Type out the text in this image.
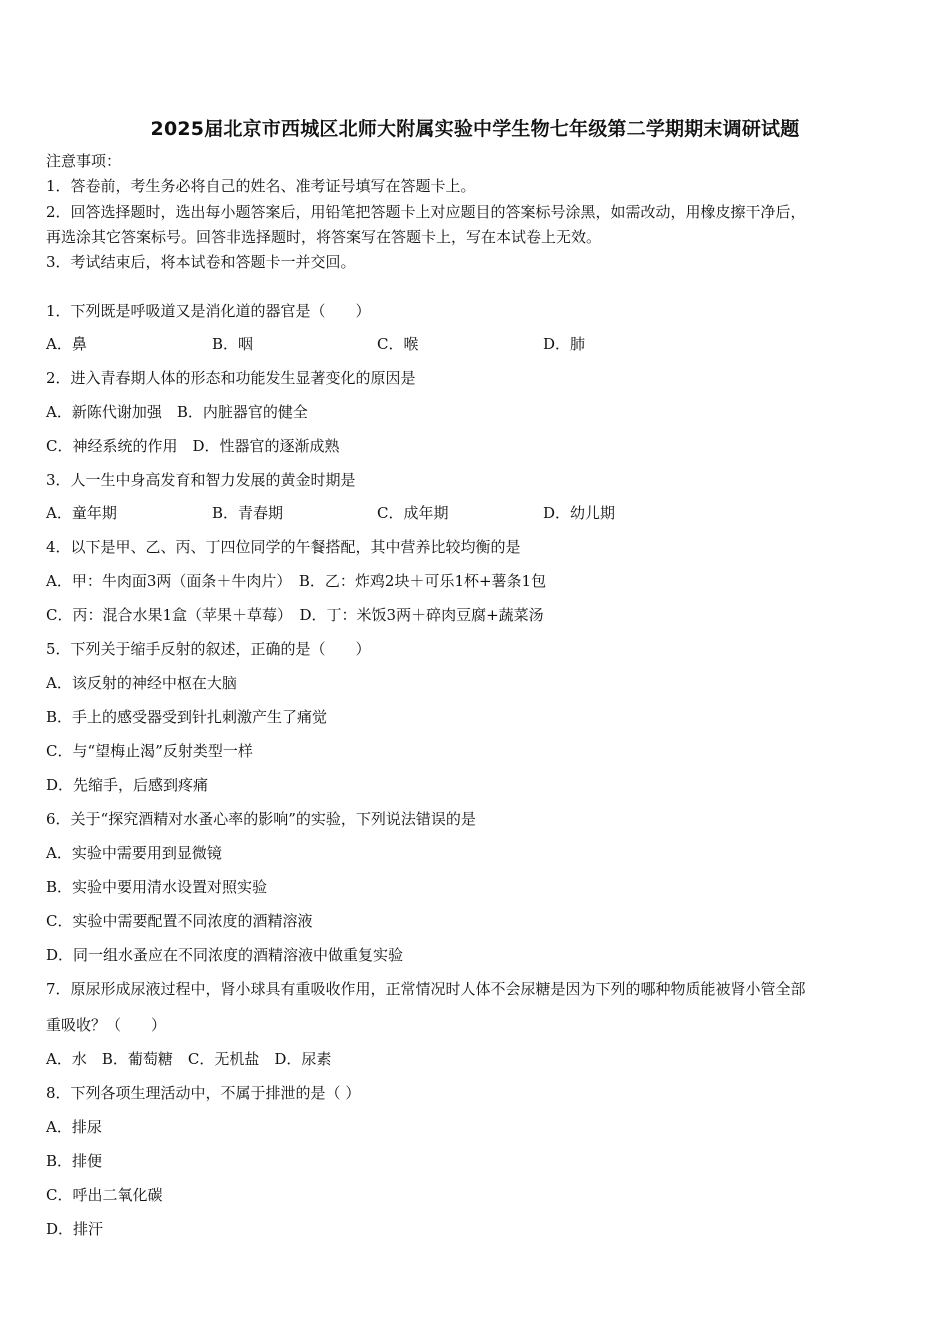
2025届北京市西城区北师大附属实验中学生物七年级第二学期期末调研试题
注意事项：
1．答卷前，考生务必将自己的姓名、准考证号填写在答题卡上。
2．回答选择题时，选出每小题答案后，用铅笔把答题卡上对应题目的答案标号涂黑，如需改动，用橡皮擦干净后，
再选涂其它答案标号。回答非选择题时，将答案写在答题卡上，写在本试卷上无效。
3．考试结束后，将本试卷和答题卡一并交回。
1．下列既是呼吸道又是消化道的器官是（　　）
A．鼻	B．咽	C．喉	D．肺
2．进入青春期人体的形态和功能发生显著变化的原因是
A．新陈代谢加强　B．内脏器官的健全
C．神经系统的作用　D．性器官的逐渐成熟
3．人一生中身高发育和智力发展的黄金时期是
A．童年期	B．青春期	C．成年期	D．幼儿期
4．以下是甲、乙、丙、丁四位同学的午餐搭配，其中营养比较均衡的是
A．甲：牛肉面3两（面条＋牛肉片）　B．乙：炸鸡2块＋可乐1杯+薯条1包
C．丙：混合水果1盒（苹果＋草莓）　D．丁：米饭3两＋碎肉豆腐+蔬菜汤
5．下列关于缩手反射的叙述，正确的是（　　）
A．该反射的神经中枢在大脑
B．手上的感受器受到针扎刺激产生了痛觉
C．与“望梅止渴”反射类型一样
D．先缩手，后感到疼痛
6．关于“探究酒精对水蚤心率的影响”的实验，下列说法错误的是
A．实验中需要用到显微镜
B．实验中要用清水设置对照实验
C．实验中需要配置不同浓度的酒精溶液
D．同一组水蚤应在不同浓度的酒精溶液中做重复实验
7．原尿形成尿液过程中，肾小球具有重吸收作用，正常情况时人体不会尿糖是因为下列的哪种物质能被肾小管全部
重吸收？（　　）
A．水　B．葡萄糖　C．无机盐　D．尿素
8．下列各项生理活动中，不属于排泄的是（ ）
A．排尿
B．排便
C．呼出二氧化碳
D．排汗
